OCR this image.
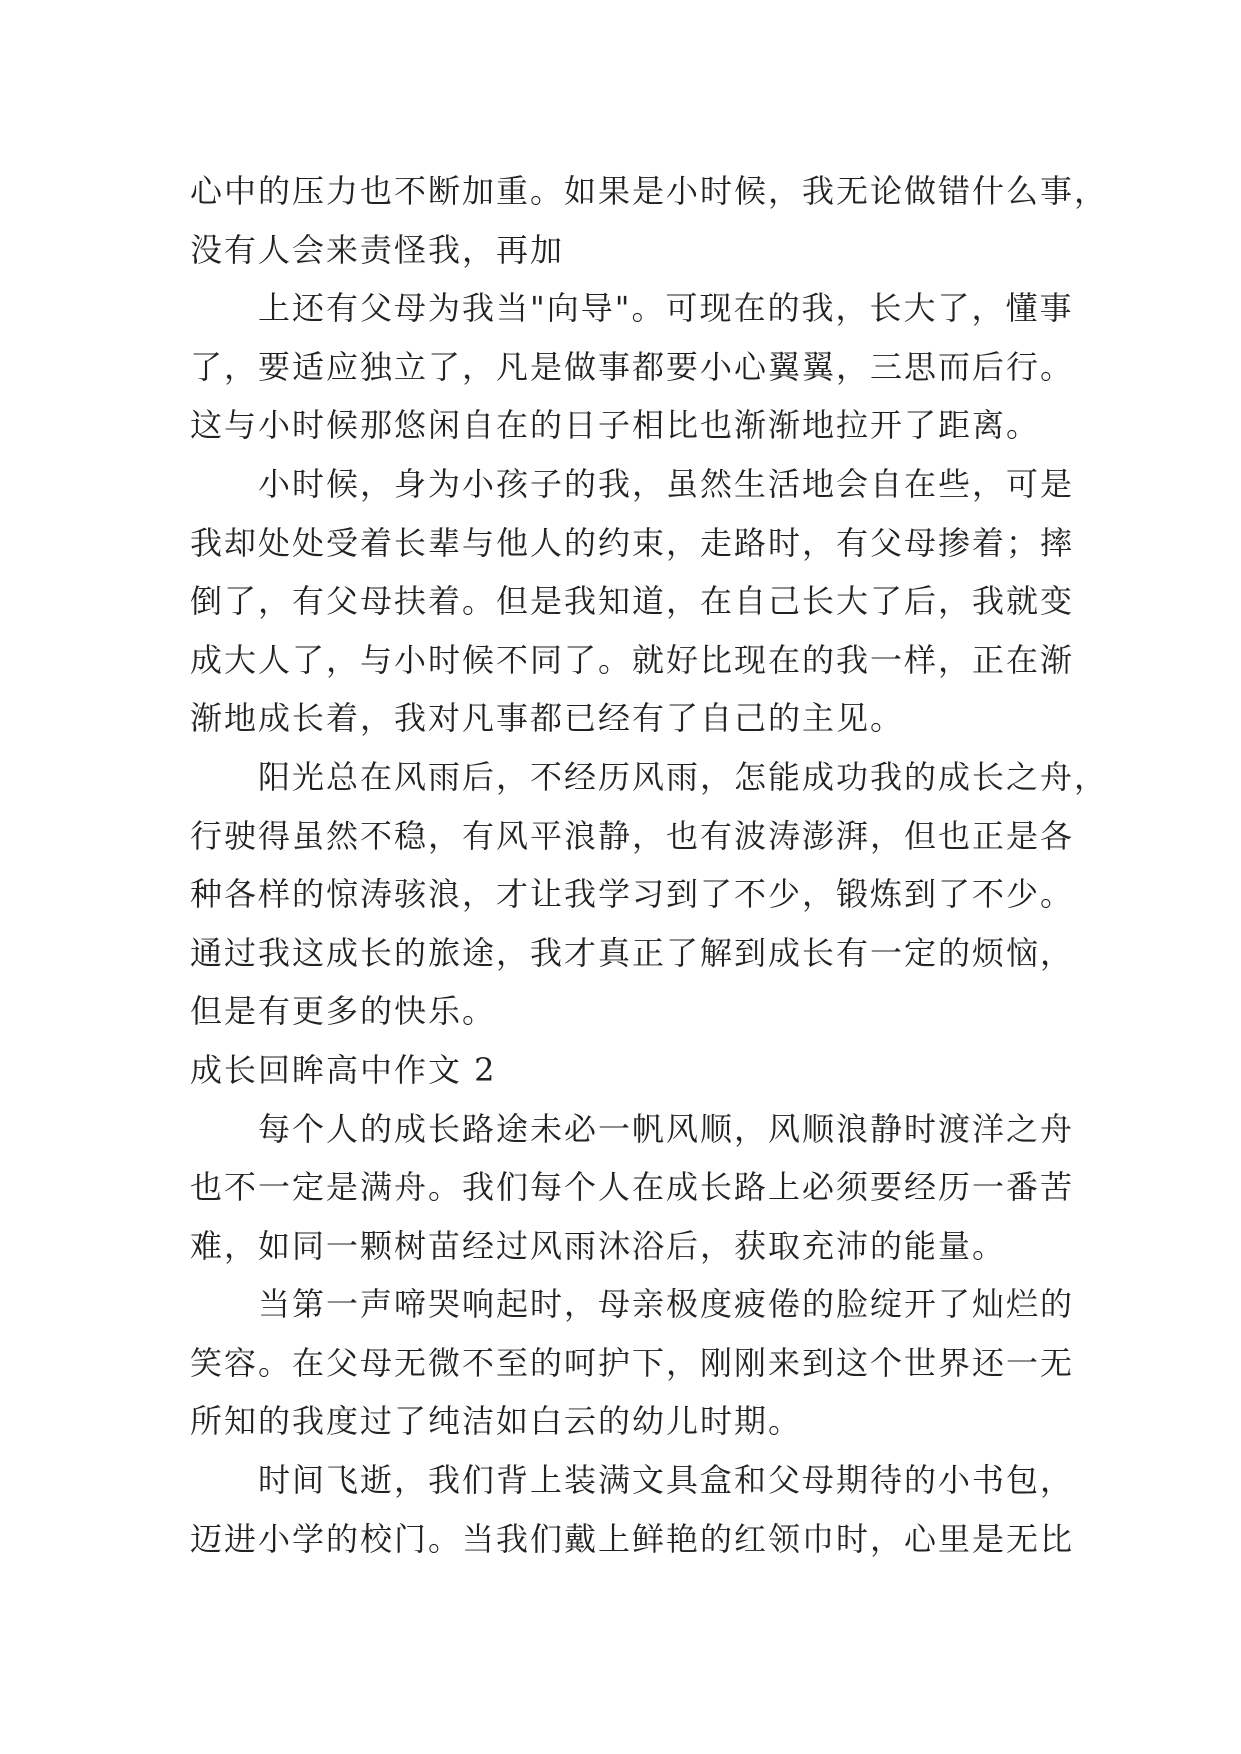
心中的压力也不断加重。如果是小时候，我无论做错什么事，

没有人会来责怪我，再加

上还有父母为我当"向导"。可现在的我，长大了，懂事

了，要适应独立了，凡是做事都要小心翼翼，三思而后行。

这与小时候那悠闲自在的日子相比也渐渐地拉开了距离。

小时候，身为小孩子的我，虽然生活地会自在些，可是

我却处处受着长辈与他人的约束，走路时，有父母掺着；摔

倒了，有父母扶着。但是我知道，在自己长大了后，我就变

成大人了，与小时候不同了。就好比现在的我一样，正在渐

渐地成长着，我对凡事都已经有了自己的主见。

阳光总在风雨后，不经历风雨，怎能成功我的成长之舟，

行驶得虽然不稳，有风平浪静，也有波涛澎湃，但也正是各

种各样的惊涛骇浪，才让我学习到了不少，锻炼到了不少。

通过我这成长的旅途，我才真正了解到成长有一定的烦恼，

但是有更多的快乐。

成长回眸高中作文 2

每个人的成长路途未必一帆风顺，风顺浪静时渡洋之舟

也不一定是满舟。我们每个人在成长路上必须要经历一番苦

难，如同一颗树苗经过风雨沐浴后，获取充沛的能量。

当第一声啼哭响起时，母亲极度疲倦的脸绽开了灿烂的

笑容。在父母无微不至的呵护下，刚刚来到这个世界还一无

所知的我度过了纯洁如白云的幼儿时期。

时间飞逝，我们背上装满文具盒和父母期待的小书包，

迈进小学的校门。当我们戴上鲜艳的红领巾时，心里是无比
